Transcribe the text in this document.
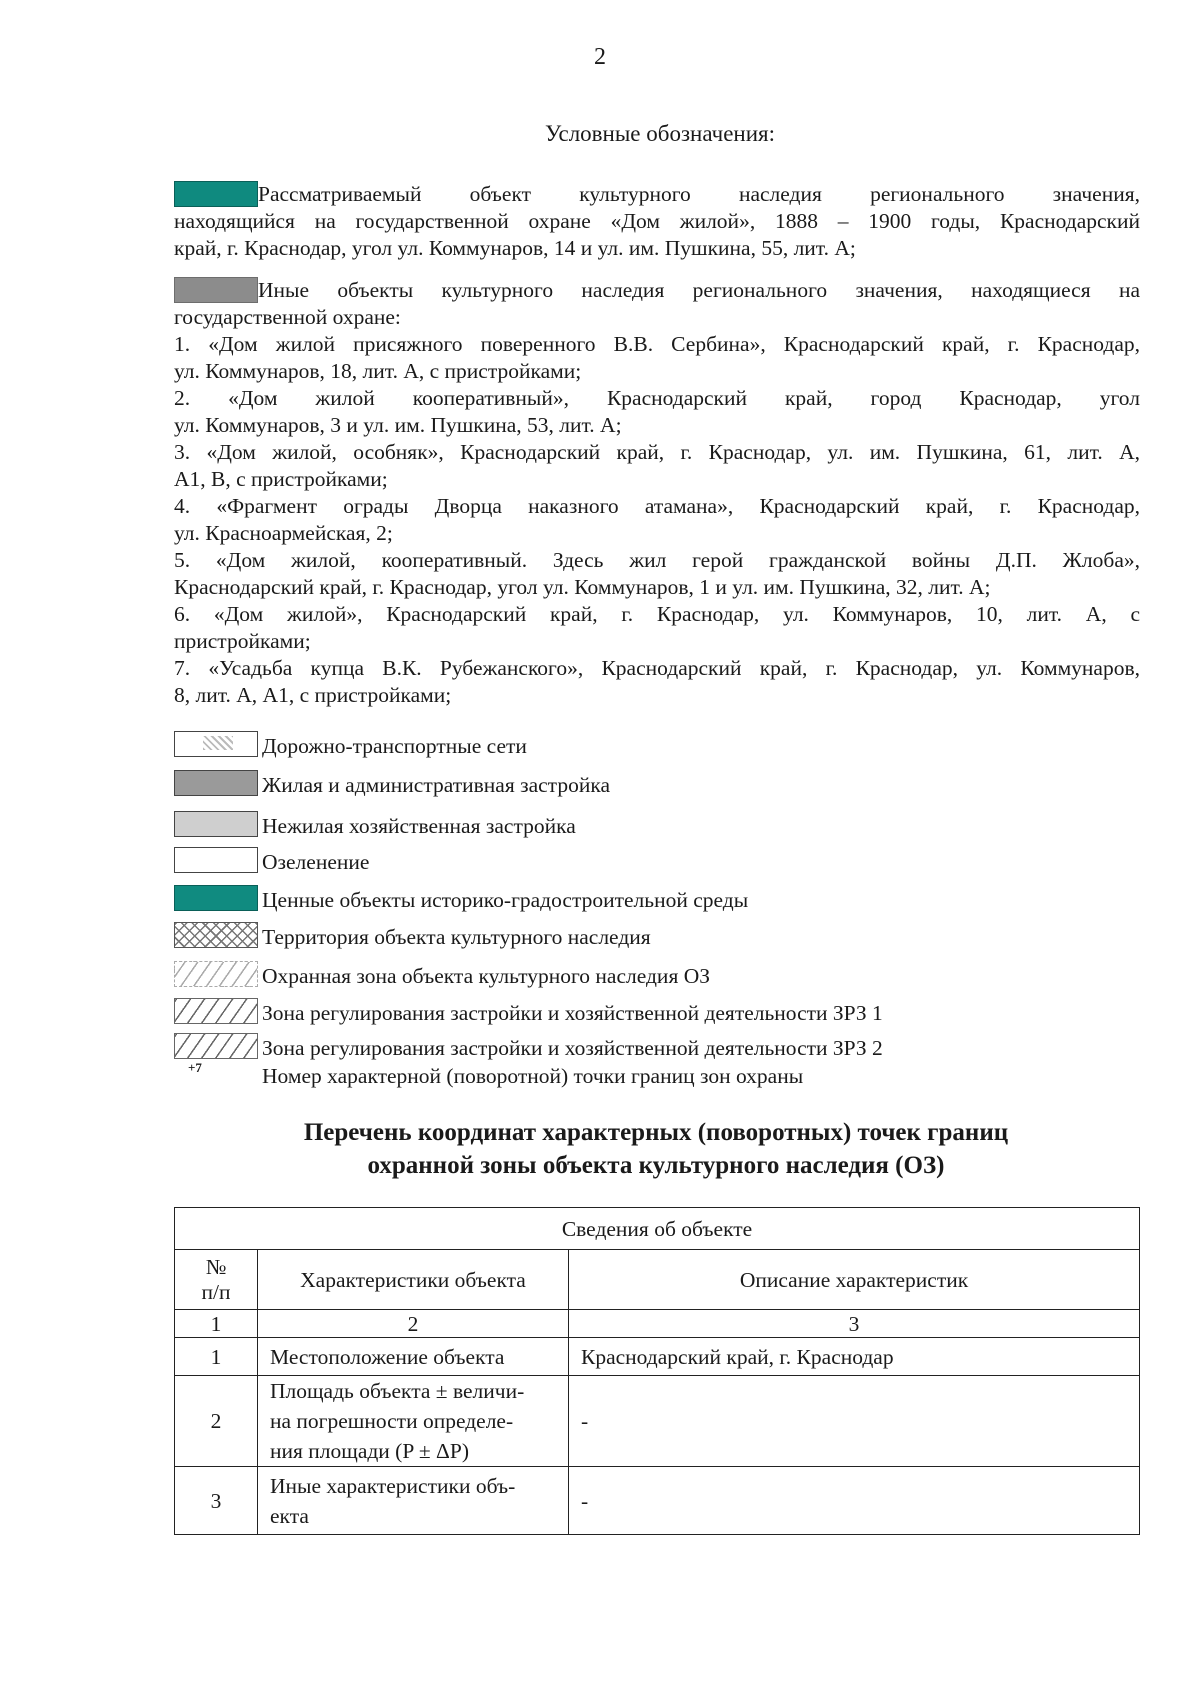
2
Условные обозначения:
Рассматриваемый объект культурного наследия регионального значения,
находящийся на государственной охране «Дом жилой», 1888 – 1900 годы, Краснодарский
край, г. Краснодар, угол ул. Коммунаров, 14 и ул. им. Пушкина, 55, лит. А;
Иные объекты культурного наследия регионального значения, находящиеся на
государственной охране:
1. «Дом жилой присяжного поверенного В.В. Сербина», Краснодарский край, г. Краснодар,
ул. Коммунаров, 18, лит. А, с пристройками;
2. «Дом жилой кооперативный», Краснодарский край, город Краснодар, угол
ул. Коммунаров, 3 и ул. им. Пушкина, 53, лит. А;
3. «Дом жилой, особняк», Краснодарский край, г. Краснодар, ул. им. Пушкина, 61, лит. А,
А1, В, с пристройками;
4. «Фрагмент ограды Дворца наказного атамана», Краснодарский край, г. Краснодар,
ул. Красноармейская, 2;
5. «Дом жилой, кооперативный. Здесь жил герой гражданской войны Д.П. Жлоба»,
Краснодарский край, г. Краснодар, угол ул. Коммунаров, 1 и ул. им. Пушкина, 32, лит. А;
6. «Дом жилой», Краснодарский край, г. Краснодар, ул. Коммунаров, 10, лит. А, с
пристройками;
7. «Усадьба купца В.К. Рубежанского», Краснодарский край, г. Краснодар, ул. Коммунаров,
8, лит. А, А1, с пристройками;
Дорожно-транспортные сети
Жилая и административная застройка
Нежилая хозяйственная застройка
Озеленение
Ценные объекты историко-градостроительной среды
Территория объекта культурного наследия
Охранная зона объекта культурного наследия ОЗ
Зона регулирования застройки и хозяйственной деятельности ЗРЗ 1
Зона регулирования застройки и хозяйственной деятельности ЗРЗ 2
+7	Номер характерной (поворотной) точки границ зон охраны
Перечень координат характерных (поворотных) точек границ
охранной зоны объекта культурного наследия (ОЗ)
Сведения об объекте		

№
п/п	Характеристики объекта	Описание характеристик
1	2	3
1	Местоположение объекта	Краснодарский край, г. Краснодар
2	Площадь объекта ± величи-
на погрешности определе-
ния площади (P ± ΔP)	-
3	Иные характеристики объ-
екта	-
